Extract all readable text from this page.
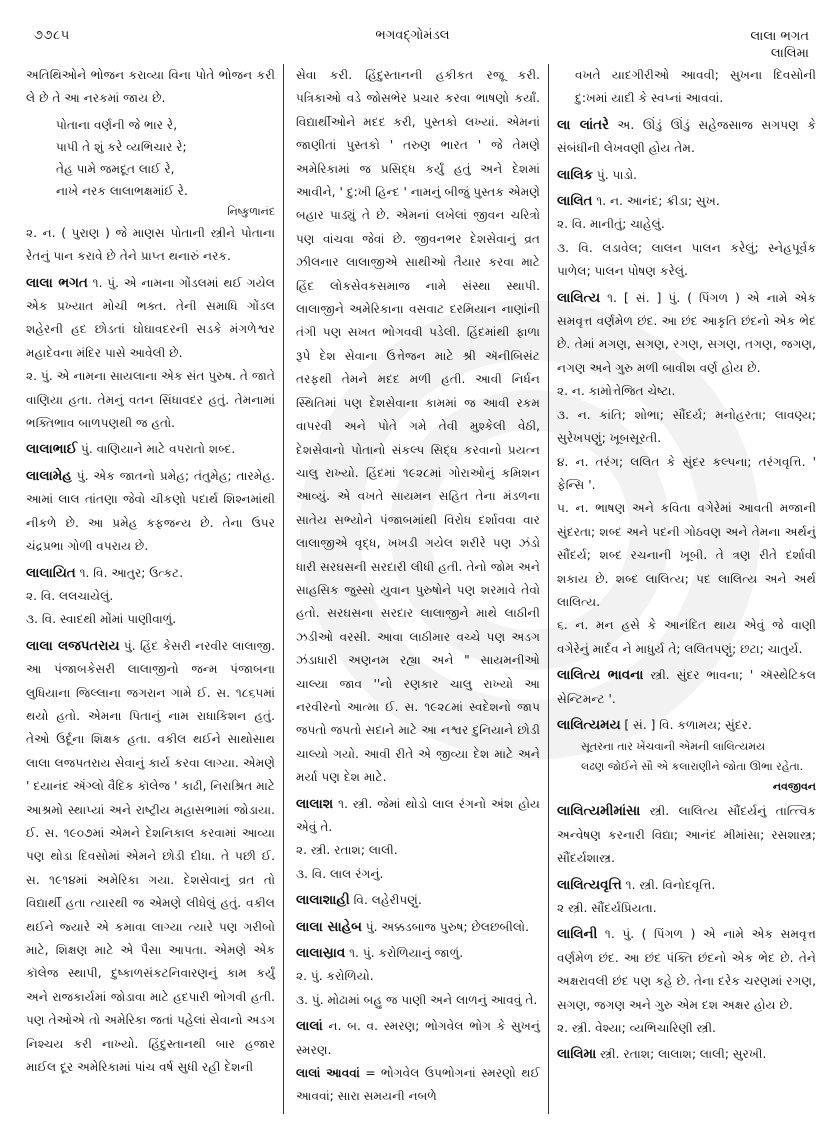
૭૭૮૫	ભગવદ્ગોમંડલ	લાલા ભગત
લાલિમા

અતિથિઓને ભોજન કરાવ્યા વિના પોતે ભોજન કરી લે છે તે આ નરકમાં જાય છે.

પોતાના વર્ણની જે ભાર રે,
પાપી તે શું કરે વ્યભિચાર રે;
તેહ પામે જમદૂત લાઈ રે,
નાખે નરક લાલાભક્ષમાંઈ રે.
નિષ્કુળાનંદ

૨. ન. ( પુરાણ ) જે માણસ પોતાની સ્ત્રીને પોતાના રેતનું પાન કરાવે છે તેને પ્રાપ્ત થનારું નરક.

લાલા ભગત ૧. પું. એ નામના ગોંડલમાં થઈ ગયેલ એક પ્રખ્યાત મોચી ભક્ત. તેની સમાધિ ગોંડલ શહેરની હદ છોડતાં ઘોઘાવદરની સડકે મંગળેશ્વર મહાદેવના મંદિર પાસે આવેલી છે.

૨. પું. એ નામના સાયલાના એક સંત પુરુષ. તે જાતે વાણિયા હતા. તેમનું વતન સિંધાવદર હતું. તેમનામાં ભક્તિભાવ બાળપણથી જ હતો.

લાલાભાઈ પું. વાણિયાને માટે વપરાતો શબ્દ.

લાલામેહ પું. એક જાતનો પ્રમેહ; તંતુમેહ; તારમેહ. આમાં લાલ તાંતણા જેવો ચીકણો પદાર્થ શિશ્નમાંથી નીકળે છે. આ પ્રમેહ કફજન્ય છે. તેના ઉપર ચંદ્રપ્રભા ગોળી વપરાય છે.

લાલાયિત ૧. વિ. આતુર; ઉત્કટ.

૨. વિ. લલચાયેલું.

૩. વિ. સ્વાદથી મોંમાં પાણીવાળું.

લાલા લજપતરાય પું. હિંદ કેસરી નરવીર લાલાજી. આ પંજાબકેસરી લાલાજીનો જન્મ પંજાબના લુધિયાના જિલ્લાના જગરાન ગામે ઈ. સ. ૧૮૬૫માં થયો હતો. એમના પિતાનું નામ રાધાકિશન હતું. તેઓ ઉર્દૂના શિક્ષક હતા. વકીલ થઈને સાથોસાથ લાલા લજપતરાય સેવાનું કાર્ય કરવા લાગ્યા. એમણે ' દયાનંદ ઍંગ્લો વૈદિક કૉલેજ ' કાઢી, નિરાશ્રિત માટે આશ્રમો સ્થાપ્યાં અને રાષ્ટ્રીય મહાસભામાં જોડાયા. ઈ. સ. ૧૯૦૭માં એમને દેશનિકાલ કરવામાં આવ્યા પણ થોડા દિવસોમાં એમને છોડી દીધા. તે પછી ઈ. સ. ૧૯૧૪માં અમેરિકા ગયા. દેશસેવાનું વ્રત તો વિદ્યાર્થી હતા ત્યારથી જ એમણે લીધેલું હતું. વકીલ થઈને જ્યારે એ કમાવા લાગ્યા ત્યારે પણ ગરીબો માટે, શિક્ષણ માટે એ પૈસા આપતા. એમણે એક કૉલેજ સ્થાપી, દુષ્કાળસંકટનિવારણનું કામ કર્યું અને રાજકાર્યમાં જોડાવા માટે હદપારી ભોગવી હતી. પણ તેઓએ તો અમેરિકા જતાં પહેલાં સેવાનો અડગ નિશ્ચય કરી નાખ્યો. હિંદુસ્તાનથી બાર હજાર માઈલ દૂર અમેરિકામાં પાંચ વર્ષ સુધી રહી દેશની

સેવા કરી. હિંદુસ્તાનની હકીકત રજૂ કરી. પત્રિકાઓ વડે જોસભેર પ્રચાર કરવા ભાષણો કર્યાં. વિદ્યાર્થીઓને મદદ કરી, પુસ્તકો લખ્યાં. એમનાં જાણીતાં પુસ્તકો ' તરુણ ભારત ' જે તેમણે અમેરિકામાં જ પ્રસિદ્ધ કર્યું હતું અને દેશમાં આવીને, ' દુ:ખી હિન્દ ' નામનું બીજું પુસ્તક એમણે બહાર પાડ્યું તે છે. એમનાં લખેલાં જીવન ચરિત્રો પણ વાંચવા જેવાં છે. જીવનભર દેશસેવાનું વ્રત ઝીલનાર લાલાજીએ સાથીઓ તૈયાર કરવા માટે હિંદ લોકસેવકસમાજ નામે સંસ્થા સ્થાપી. લાલાજીને અમેરિકાના વસવાટ દરમિયાન નાણાંની તંગી પણ સખત ભોગવવી પડેલી. હિંદમાંથી ફાળા રૂપે દેશ સેવાના ઉત્તેજન માટે શ્રી ઍનીબિસંટ તરફથી તેમને મદદ મળી હતી. આવી નિર્ધન સ્થિતિમાં પણ દેશસેવાના કામમાં જ આવી રકમ વાપરવી અને પોતે ગમે તેવી મુશ્કેલી વેઠી, દેશસેવાનો પોતાનો સંકલ્પ સિદ્ધ કરવાનો પ્રયત્ન ચાલુ રાખ્યો. હિંદમાં ૧૯૨૮માં ગોરાઓનું કમિશન આવ્યું. એ વખતે સાયમન સહિત તેના મંડળના સાતેય સભ્યોને પંજાબમાંથી વિરોધ દર્શાવવા વાર લાલાજીએ વૃદ્ધ, ખખડી ગયેલ શરીરે પણ ઝંડો ધારી સરઘસની સરદારી લીધી હતી. તેનો જોમ અને સાહસિક જુસ્સો યુવાન પુરુષોને પણ શરમાવે તેવો હતો. સરઘસના સરદાર લાલાજીને માથે લાઠીની ઝડીઓ વરસી. આવા લાઠીમાર વચ્ચે પણ અડગ ઝંડાધારી અણનમ રહ્યા અને " સાયમનીઓ ચાલ્યા જાવ ''નો રણકાર ચાલુ રાખ્યો આ નરવીરનો આત્મા ઈ. સ. ૧૯૨૮માં સ્વદેશનો જાપ જપતો જપતો સદાને માટે આ નશ્વર દુનિયાને છોડી ચાલ્યો ગયો. આવી રીતે એ જીવ્યા દેશ માટે અને મર્યા પણ દેશ માટે.

લાલાશ ૧. સ્ત્રી. જેમાં થોડો લાલ રંગનો અંશ હોય એવું તે.

૨. સ્ત્રી. રતાશ; લાલી.

૩. વિ. લાલ રંગનું.

લાલાશાહી વિ. લહેરીપણું.

લાલા સાહેબ પું. અક્કડબાજ પુરુષ; છેલછબીલો.

લાલાસ્રાવ ૧. પું. કરોળિયાનું જાળું.

૨. પું. કરોળિયો.

૩. પું. મોઢામાં બહુ જ પાણી અને લાળનું આવવું તે.

લાલાં ન. બ. વ. સ્મરણ; ભોગવેલ ભોગ કે સુખનું સ્મરણ.

લાલાં આવવાં = ભોગવેલ ઉપભોગનાં સ્મરણો થઈ આવવાં; સારા સમયની નબળે

વખતે યાદગીરીઓ આવવી; સુખના દિવસોની દુ:ખમાં યાદી કે સ્વપ્નાં આવવાં.

લા લાંતરે અ. ઊંડું ઊંડું સહેજસાજ સગપણ કે સંબંધીની લેખવણી હોય તેમ.

લાલિક પું. પાડો.

લાલિત ૧. ન. આનંદ; ક્રીડા; સુખ.

૨. વિ. માનીતું; ચાહેલું.

૩. વિ. લડાવેલ; લાલન પાલન કરેલું; સ્નેહપૂર્વક પાળેલ; પાલન પોષણ કરેલું.

લાલિત્ય ૧. [ સં. ] પું. ( પિંગળ ) એ નામે એક સમવૃત્ત વર્ણમેળ છંદ. આ છંદ આકૃતિ છંદનો એક ભેદ છે. તેમાં મગણ, સગણ, રગણ, સગણ, તગણ, જગણ, નગણ અને ગુરુ મળી બાવીશ વર્ણ હોય છે.

૨. ન. કામોત્તેજિત ચેષ્ટા.

૩. ન. કાંતિ; શોભા; સૌંદર્ય; મનોહરતા; લાવણ્ય; સુરેખપણું; ખૂબસૂરતી.

૪. ન. તરંગ; લલિત કે સુંદર કલ્પના; તરંગવૃત્તિ. ' ફેન્સિ '.

૫. ન. ભાષણ અને કવિતા વગેરેમાં આવતી મજાની સુંદરતા; શબ્દ અને પદની ગોઠવણ અને તેમના અર્થનું સૌંદર્ય; શબ્દ રચનાની ખૂબી. તે ત્રણ રીતે દર્શાવી શકાય છે. શબ્દ લાલિત્ય; પદ લાલિત્ય અને અર્થ લાલિત્ય.

૬. ન. મન હસે કે આનંદિત થાય એવું જે વાણી વગેરેનું માર્દવ ને માધુર્ય તે; લલિતપણું; છટા; ચાતુર્ય.

લાલિત્ય ભાવના સ્ત્રી. સુંદર ભાવના; ' ઍસ્થેટિકલ સેન્ટિમન્ટ '.

લાલિત્યમય [ સં. ] વિ. કળામય; સુંદર.

સૂતરના તાર ખેંચવાની એમની લાલિત્યમય
લઢણ જોઈને સૌ એ કલારાણીને જોતા ઊભા રહેતા.
નવજીવન

લાલિત્યમીમાંસા સ્ત્રી. લાલિત્ય સૌંદર્યનું તાત્ત્વિક અન્વેષણ કરનારી વિદ્યા; આનંદ મીમાંસા; રસશાસ્ત્ર; સૌંદર્યશાસ્ત્ર.

લાલિત્યવૃત્તિ ૧. સ્ત્રી. વિનોદવૃત્તિ.

૨ સ્ત્રી. સૌંદર્યપ્રિયતા.

લાલિની ૧. પું. ( પિંગળ ) એ નામે એક સમવૃત્ત વર્ણમેળ છંદ. આ છંદ પંક્તિ છંદનો એક ભેદ છે. તેને અક્ષરાવલી છંદ પણ કહે છે. તેના દરેક ચરણમાં રગણ, સગણ, જગણ અને ગુરુ એમ દશ અક્ષર હોય છે.

૨. સ્ત્રી. વેશ્યા; વ્યભિચારિણી સ્ત્રી.

લાલિમા સ્ત્રી. રતાશ; લાલાશ; લાલી; સુરખી.
